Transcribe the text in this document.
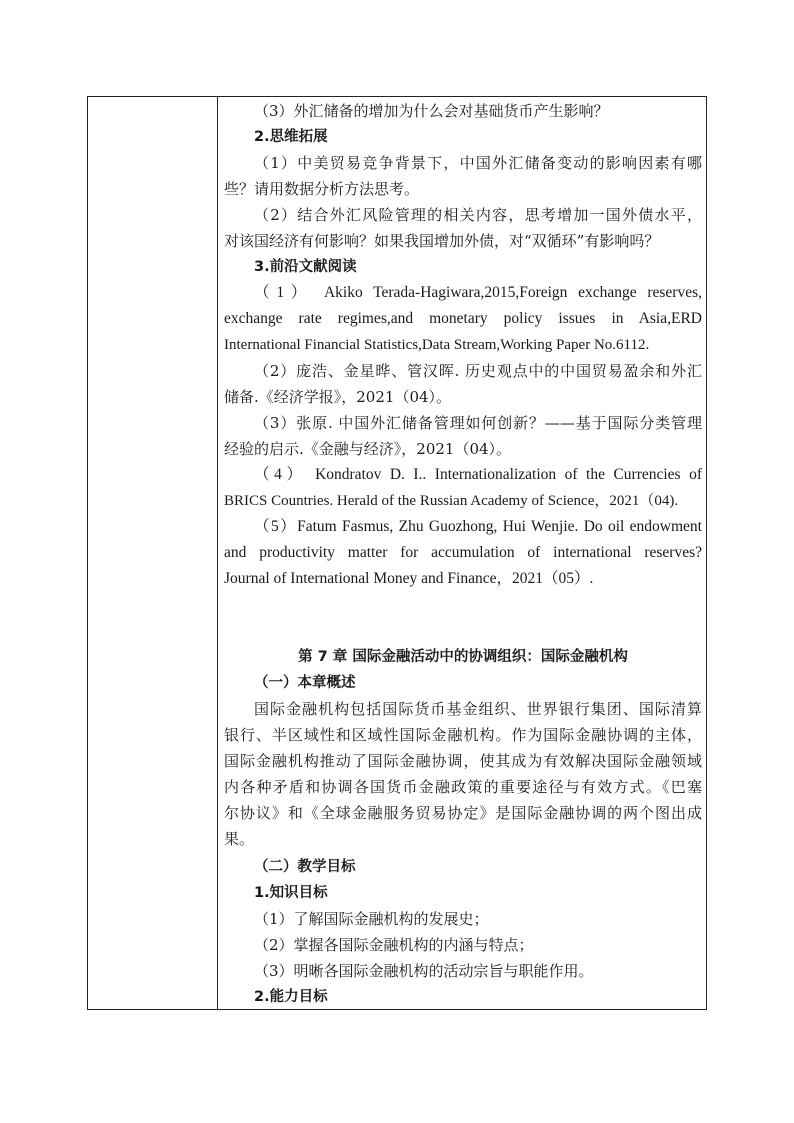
（3）外汇储备的增加为什么会对基础货币产生影响？
2.思维拓展
（1）中美贸易竞争背景下，中国外汇储备变动的影响因素有哪
些？请用数据分析方法思考。
（2）结合外汇风险管理的相关内容，思考增加一国外债水平，
对该国经济有何影响？如果我国增加外债，对“双循环”有影响吗？
3.前沿文献阅读
（1） Akiko Terada-Hagiwara,2015,Foreign exchange reserves,
exchange rate regimes,and monetary policy issues in Asia,ERD
International Financial Statistics,Data Stream,Working Paper No.6112.
（2）庞浩、金星晔、管汉晖. 历史观点中的中国贸易盈余和外汇
储备.《经济学报》，2021（04）。
（3）张原. 中国外汇储备管理如何创新？——基于国际分类管理
经验的启示.《金融与经济》，2021（04）。
（4） Kondratov D. I.. Internationalization of the Currencies of
BRICS Countries. Herald of the Russian Academy of Science，2021（04).
（5）Fatum Fasmus, Zhu Guozhong, Hui Wenjie. Do oil endowment
and productivity matter for accumulation of international reserves?
Journal of International Money and Finance，2021（05）.
第 7 章 国际金融活动中的协调组织：国际金融机构
（一）本章概述
国际金融机构包括国际货币基金组织、世界银行集团、国际清算
银行、半区域性和区域性国际金融机构。作为国际金融协调的主体，
国际金融机构推动了国际金融协调，使其成为有效解决国际金融领域
内各种矛盾和协调各国货币金融政策的重要途径与有效方式。《巴塞
尔协议》和《全球金融服务贸易协定》是国际金融协调的两个图出成
果。
（二）教学目标
1.知识目标
（1）了解国际金融机构的发展史；
（2）掌握各国际金融机构的内涵与特点；
（3）明晰各国际金融机构的活动宗旨与职能作用。
2.能力目标
